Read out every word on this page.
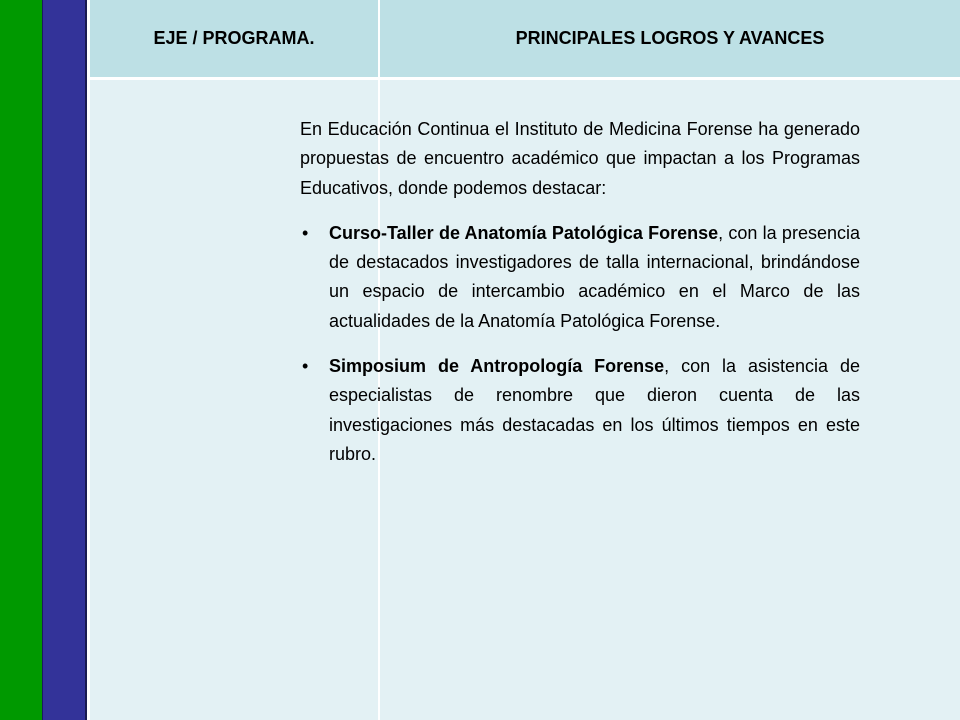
EJE / PROGRAMA.	PRINCIPALES LOGROS Y AVANCES

En Educación Continua el Instituto de Medicina Forense ha generado propuestas de encuentro académico que impactan a los Programas Educativos, donde podemos destacar:

• Curso-Taller de Anatomía Patológica Forense, con la presencia de destacados investigadores de talla internacional, brindándose un espacio de intercambio académico en el Marco de las actualidades de la Anatomía Patológica Forense.
• Simposium de Antropología Forense, con la asistencia de especialistas de renombre que dieron cuenta de las investigaciones más destacadas en los últimos tiempos en este rubro.
